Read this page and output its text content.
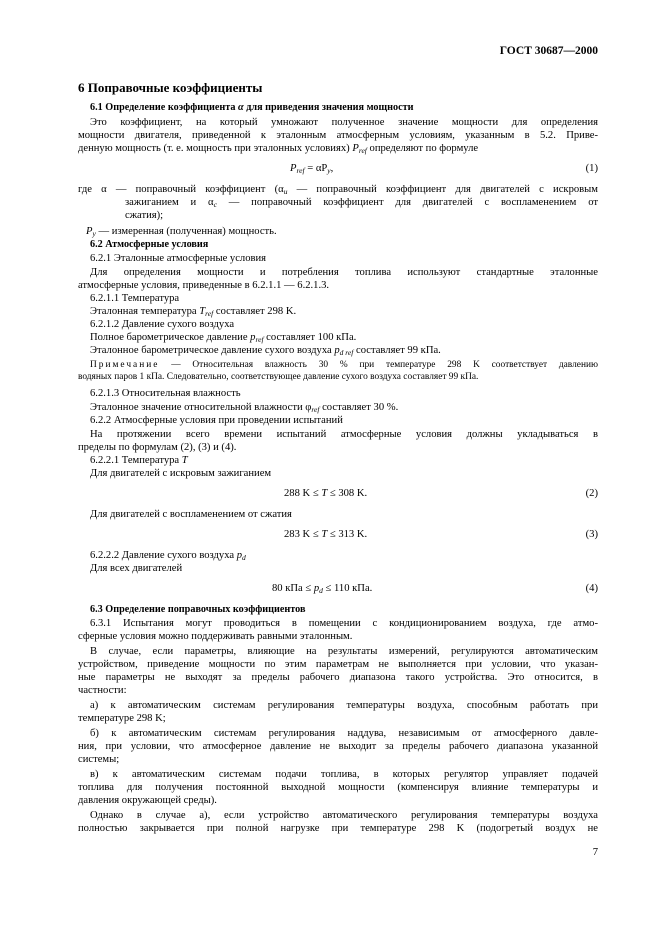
ГОСТ 30687—2000
6 Поправочные коэффициенты
6.1 Определение коэффициента α для приведения значения мощности
Это коэффициент, на который умножают полученное значение мощности для определения
мощности двигателя, приведенной к эталонным атмосферным условиям, указанным в 5.2. Приве-
денную мощность (т. е. мощность при эталонных условиях) $P_{ref}$ определяют по формуле
$P_{ref} = \alpha P_y$,	(1)
где α — поправочный коэффициент ($\alpha_и$ — поправочный коэффициент для двигателей с искровым
зажиганием и $\alpha_с$ — поправочный коэффициент для двигателей с воспламенением от
сжатия);
$P_y$ — измеренная (полученная) мощность.
6.2 Атмосферные условия
6.2.1 Эталонные атмосферные условия
Для определения мощности и потребления топлива используют стандартные эталонные
атмосферные условия, приведенные в 6.2.1.1 — 6.2.1.3.
6.2.1.1 Температура
Эталонная температура $T_{ref}$ составляет 298 K.
6.2.1.2 Давление сухого воздуха
Полное барометрическое давление $p_{ref}$ составляет 100 кПа.
Эталонное барометрическое давление сухого воздуха $p_{d ref}$ составляет 99 кПа.
Примечание — Относительная влажность 30 % при температуре 298 K соответствует давлению
водяных паров 1 кПа. Следовательно, соответствующее давление сухого воздуха составляет 99 кПа.
6.2.1.3 Относительная влажность
Эталонное значение относительной влажности $\varphi_{ref}$ составляет 30 %.
6.2.2 Атмосферные условия при проведении испытаний
На протяжении всего времени испытаний атмосферные условия должны укладываться в
пределы по формулам (2), (3) и (4).
6.2.2.1 Температура T
Для двигателей с искровым зажиганием
288 K ≤ T ≤ 308 K.	(2)
Для двигателей с воспламенением от сжатия
283 K ≤ T ≤ 313 K.	(3)
6.2.2.2 Давление сухого воздуха $p_d$
Для всех двигателей
80 кПа ≤ $p_d \le 110$ кПа.	(4)
6.3 Определение поправочных коэффициентов
6.3.1 Испытания могут проводиться в помещении с кондиционированием воздуха, где атмо-
сферные условия можно поддерживать равными эталонным.
В случае, если параметры, влияющие на результаты измерений, регулируются автоматическим
устройством, приведение мощности по этим параметрам не выполняется при условии, что указан-
ные параметры не выходят за пределы рабочего диапазона такого устройства. Это относится, в
частности:
а) к автоматическим системам регулирования температуры воздуха, способным работать при
температуре 298 K;
б) к автоматическим системам регулирования наддува, независимым от атмосферного давле-
ния, при условии, что атмосферное давление не выходит за пределы рабочего диапазона указанной
системы;
в) к автоматическим системам подачи топлива, в которых регулятор управляет подачей
топлива для получения постоянной выходной мощности (компенсируя влияние температуры и
давления окружающей среды).
Однако в случае а), если устройство автоматического регулирования температуры воздуха
полностью закрывается при полной нагрузке при температуре 298 K (подогретый воздух не
7
